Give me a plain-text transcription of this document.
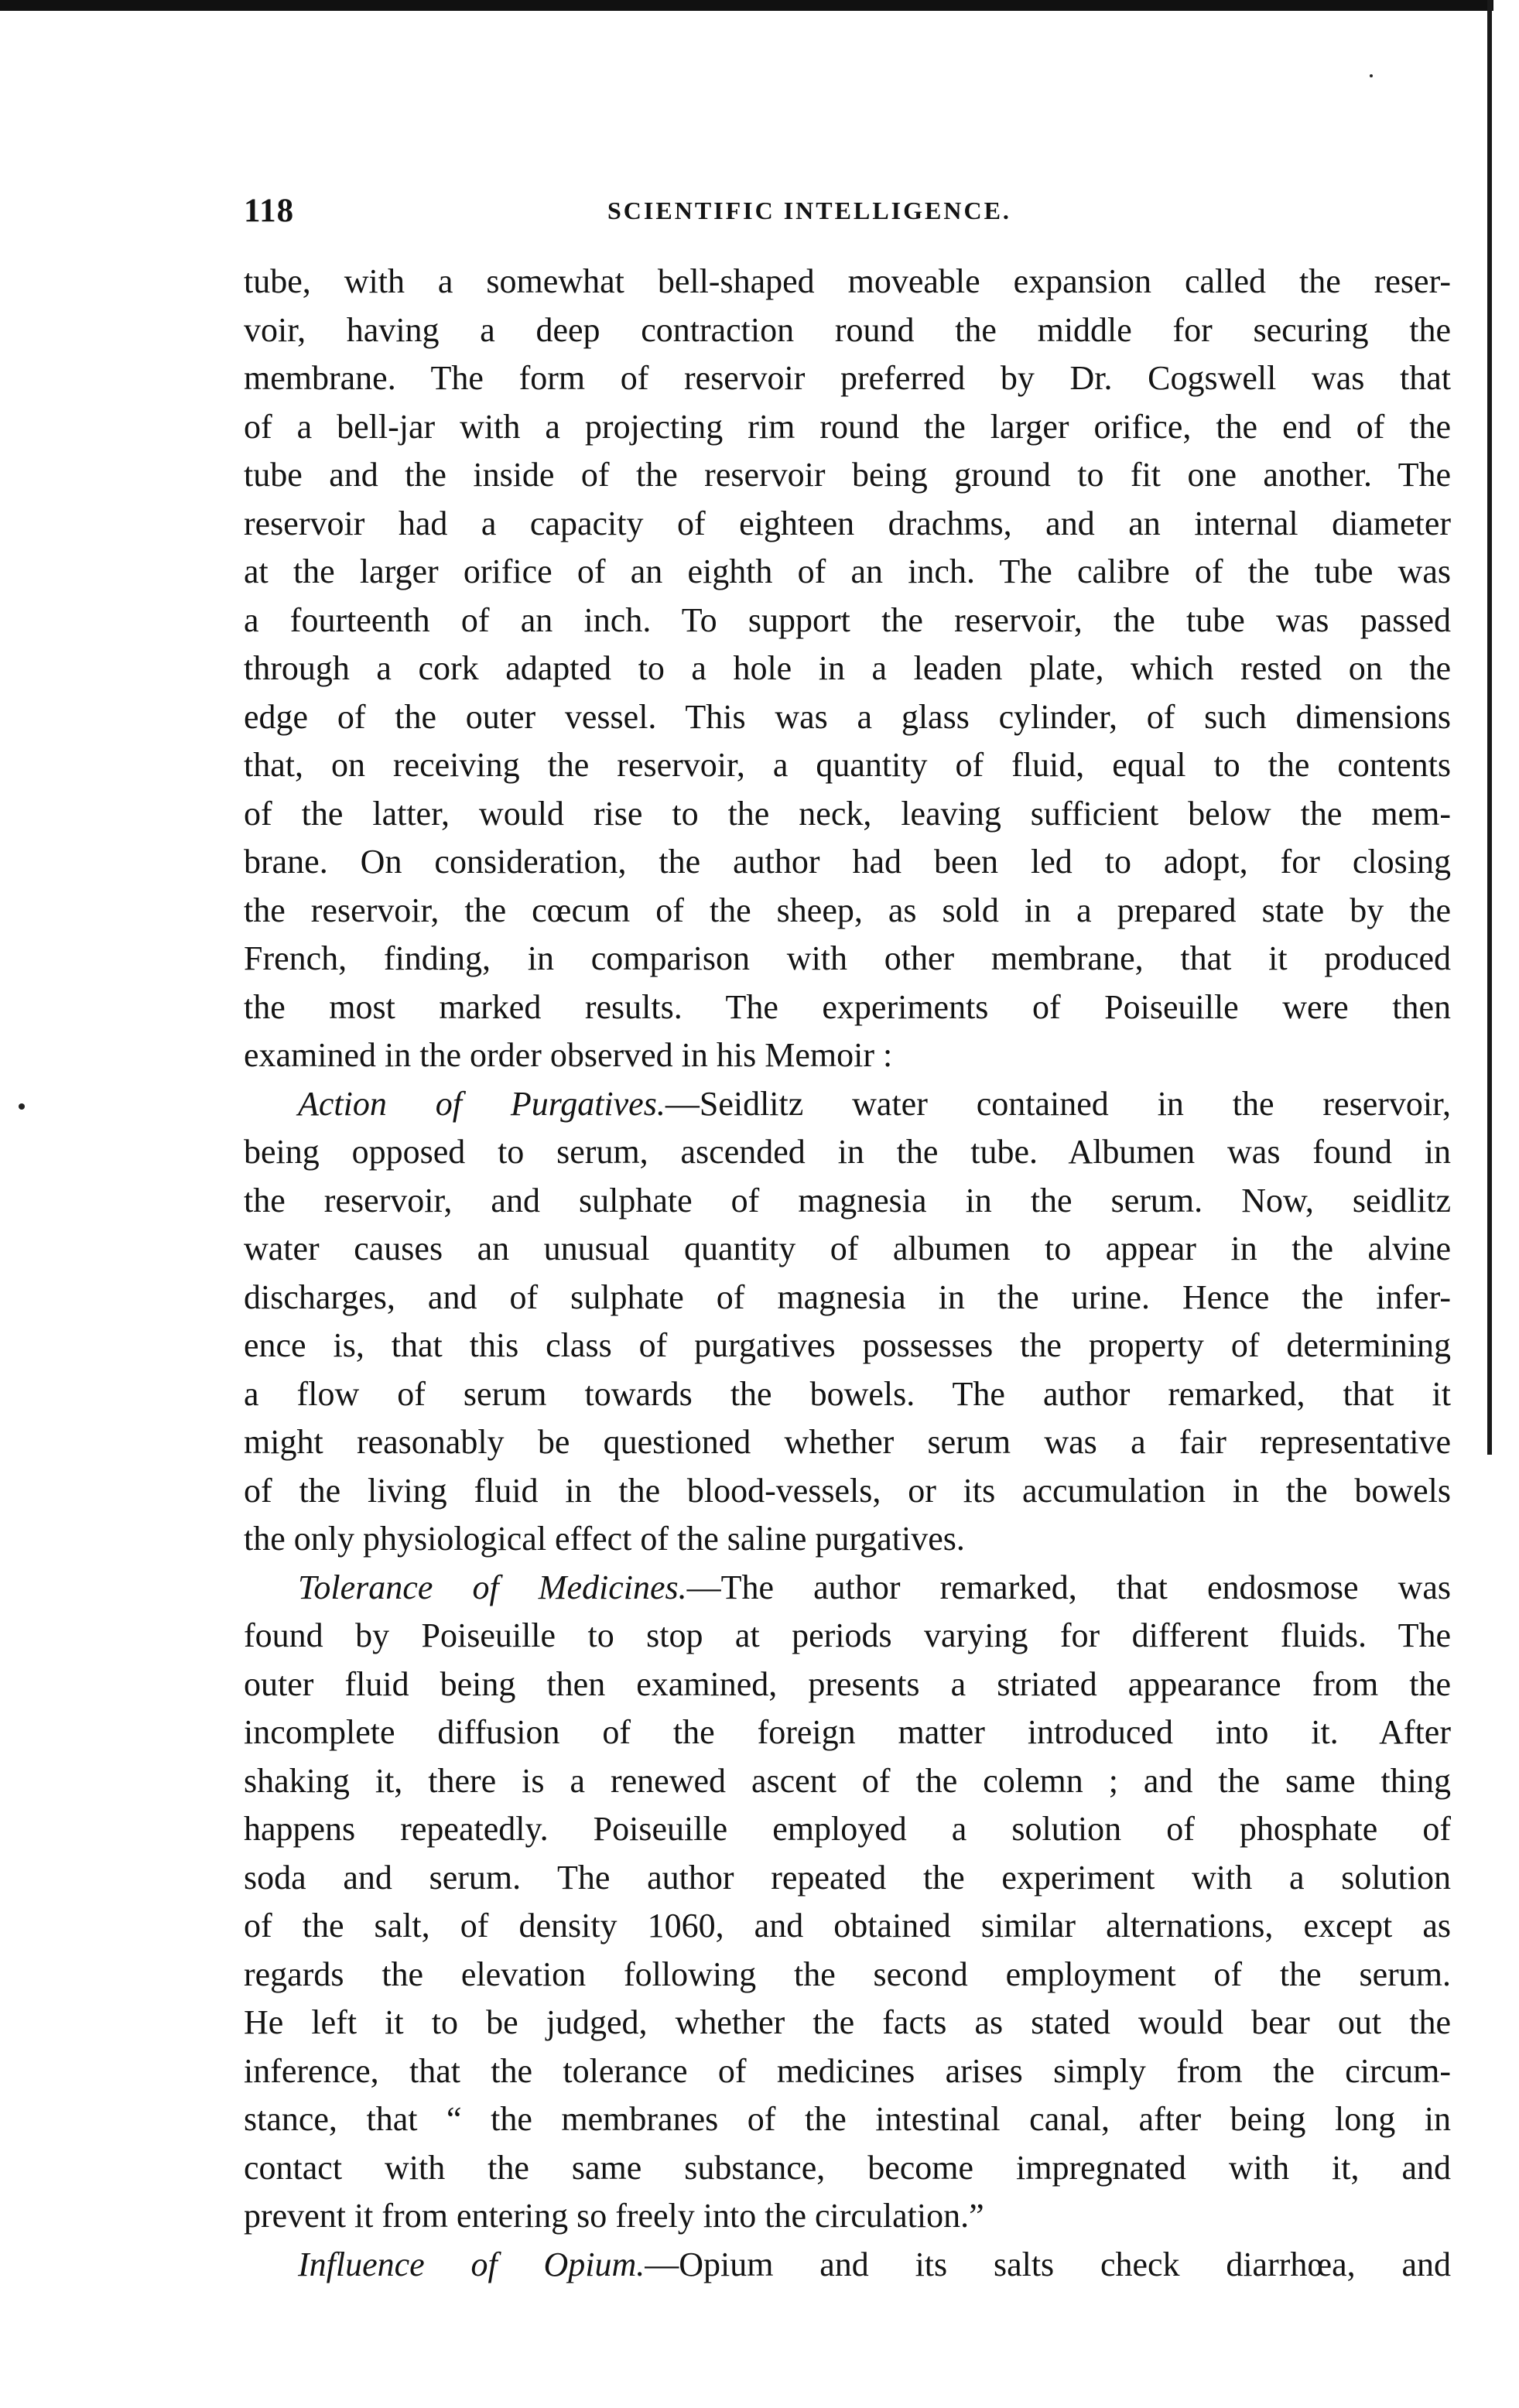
118	SCIENTIFIC INTELLIGENCE.
tube, with a somewhat bell-shaped moveable expansion called the reser-
voir, having a deep contraction round the middle for securing the
membrane. The form of reservoir preferred by Dr. Cogswell was that
of a bell-jar with a projecting rim round the larger orifice, the end of the
tube and the inside of the reservoir being ground to fit one another. The
reservoir had a capacity of eighteen drachms, and an internal diameter
at the larger orifice of an eighth of an inch. The calibre of the tube was
a fourteenth of an inch. To support the reservoir, the tube was passed
through a cork adapted to a hole in a leaden plate, which rested on the
edge of the outer vessel. This was a glass cylinder, of such dimensions
that, on receiving the reservoir, a quantity of fluid, equal to the contents
of the latter, would rise to the neck, leaving sufficient below the mem-
brane. On consideration, the author had been led to adopt, for closing
the reservoir, the cœcum of the sheep, as sold in a prepared state by the
French, finding, in comparison with other membrane, that it produced
the most marked results. The experiments of Poiseuille were then
examined in the order observed in his Memoir :
Action of Purgatives.—Seidlitz water contained in the reservoir,
being opposed to serum, ascended in the tube. Albumen was found in
the reservoir, and sulphate of magnesia in the serum. Now, seidlitz
water causes an unusual quantity of albumen to appear in the alvine
discharges, and of sulphate of magnesia in the urine. Hence the infer-
ence is, that this class of purgatives possesses the property of determining
a flow of serum towards the bowels. The author remarked, that it
might reasonably be questioned whether serum was a fair representative
of the living fluid in the blood-vessels, or its accumulation in the bowels
the only physiological effect of the saline purgatives.
Tolerance of Medicines.—The author remarked, that endosmose was
found by Poiseuille to stop at periods varying for different fluids. The
outer fluid being then examined, presents a striated appearance from the
incomplete diffusion of the foreign matter introduced into it. After
shaking it, there is a renewed ascent of the colemn ; and the same thing
happens repeatedly. Poiseuille employed a solution of phosphate of
soda and serum. The author repeated the experiment with a solution
of the salt, of density 1060, and obtained similar alternations, except as
regards the elevation following the second employment of the serum.
He left it to be judged, whether the facts as stated would bear out the
inference, that the tolerance of medicines arises simply from the circum-
stance, that “ the membranes of the intestinal canal, after being long in
contact with the same substance, become impregnated with it, and
prevent it from entering so freely into the circulation.”
Influence of Opium.—Opium and its salts check diarrhœa, and
